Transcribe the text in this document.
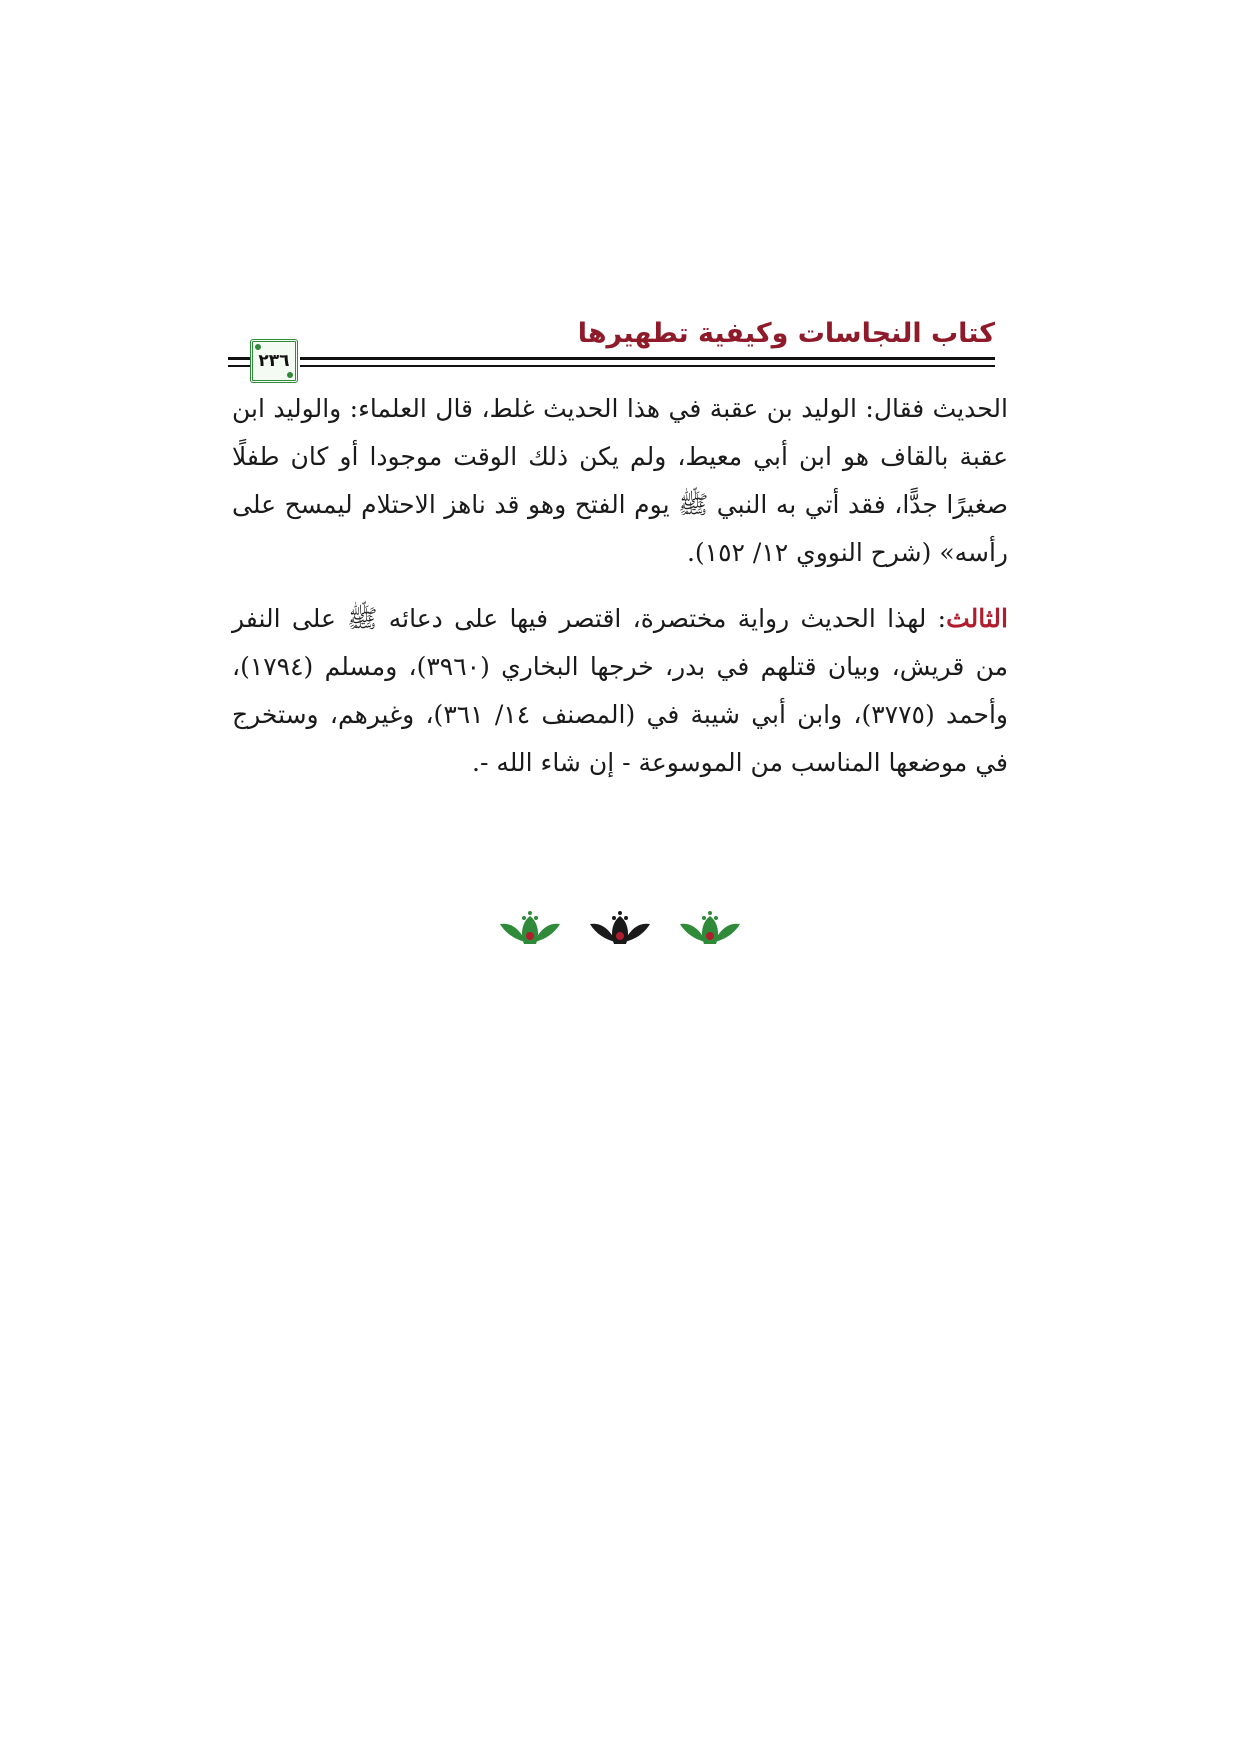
كتاب النجاسات وكيفية تطهيرها
٢٣٦

الحديث فقال: الوليد بن عقبة في هذا الحديث غلط، قال العلماء: والوليد ابن عقبة بالقاف هو ابن أبي معيط، ولم يكن ذلك الوقت موجودا أو كان طفلًا صغيرًا جدًّا، فقد أتي به النبي ﷺ يوم الفتح وهو قد ناهز الاحتلام ليمسح على رأسه» (شرح النووي ١٢/ ١٥٢).

الثالث: لهذا الحديث رواية مختصرة، اقتصر فيها على دعائه ﷺ على النفر من قريش، وبيان قتلهم في بدر، خرجها البخاري (٣٩٦٠)، ومسلم (١٧٩٤)، وأحمد (٣٧٧٥)، وابن أبي شيبة في (المصنف ١٤/ ٣٦١)، وغيرهم، وستخرج في موضعها المناسب من الموسوعة - إن شاء الله -.
